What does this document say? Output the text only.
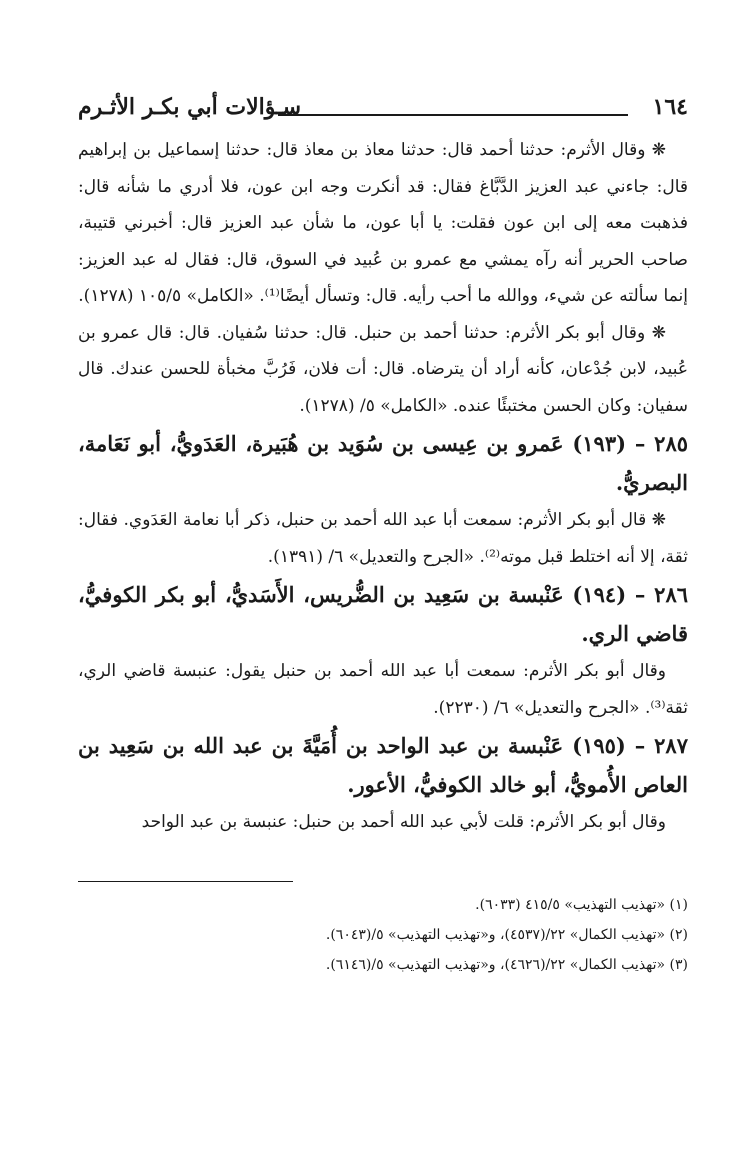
١٦٤
سـؤالات أبي بكـر الأثـرم

❋ وقال الأثرم: حدثنا أحمد قال: حدثنا معاذ بن معاذ قال: حدثنا إسماعيل بن إبراهيم قال: جاءني عبد العزيز الدَّبَّاغ فقال: قد أنكرت وجه ابن عون، فلا أدري ما شأنه قال: فذهبت معه إلى ابن عون فقلت: يا أبا عون، ما شأن عبد العزيز قال: أخبرني قتيبة، صاحب الحرير أنه رآه يمشي مع عمرو بن عُبيد في السوق، قال: فقال له عبد العزيز: إنما سألته عن شيء، ووالله ما أحب رأيه. قال: وتسأل أيضًا⁽¹⁾. «الكامل» ١٠٥/٥ (١٢٧٨).

❋ وقال أبو بكر الأثرم: حدثنا أحمد بن حنبل. قال: حدثنا سُفيان. قال: قال عمرو بن عُبيد، لابن جُدْعان، كأنه أراد أن يترضاه. قال: أت فلان، فَرُبَّ مخبأة للحسن عندك. قال سفيان: وكان الحسن مختبئًا عنده. «الكامل» ٥/ (١٢٧٨).

٢٨٥ – (١٩٣) عَمرو بن عِيسى بن سُوَيد بن هُبَيرة، العَدَويُّ، أبو نَعَامة، البصريُّ.

❋ قال أبو بكر الأثرم: سمعت أبا عبد الله أحمد بن حنبل، ذكر أبا نعامة العَدَوي. فقال: ثقة، إلا أنه اختلط قبل موته⁽²⁾. «الجرح والتعديل» ٦/ (١٣٩١).

٢٨٦ – (١٩٤) عَنْبسة بن سَعِيد بن الضُّريس، الأَسَديُّ، أبو بكر الكوفيُّ، قاضي الري.

وقال أبو بكر الأثرم: سمعت أبا عبد الله أحمد بن حنبل يقول: عنبسة قاضي الري، ثقة⁽³⁾. «الجرح والتعديل» ٦/ (٢٢٣٠).

٢٨٧ – (١٩٥) عَنْبسة بن عبد الواحد بن أُمَيَّةَ بن عبد الله بن سَعِيد بن العاص الأُمويُّ، أبو خالد الكوفيُّ، الأعور.

وقال أبو بكر الأثرم: قلت لأبي عبد الله أحمد بن حنبل: عنبسة بن عبد الواحد

(١) «تهذيب التهذيب» ٤١٥/٥ (٦٠٣٣).

(٢) «تهذيب الكمال» ٢٢/(٤٥٣٧)، و«تهذيب التهذيب» ٥/(٦٠٤٣).

(٣) «تهذيب الكمال» ٢٢/(٤٦٢٦)، و«تهذيب التهذيب» ٥/(٦١٤٦).
